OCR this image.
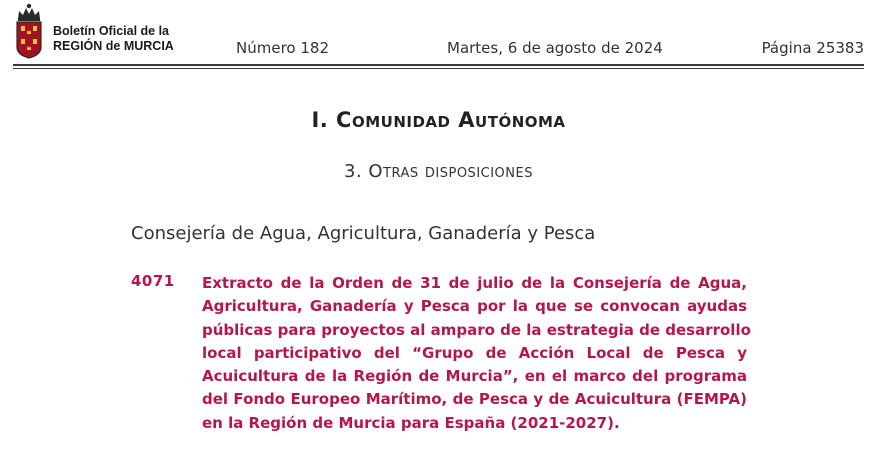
Boletín Oficial de la
REGIÓN de MURCIA	Número 182	Martes, 6 de agosto de 2024	Página 25383
I. Comunidad Autónoma
3. Otras disposiciones
Consejería de Agua, Agricultura, Ganadería y Pesca
4071 Extracto de la Orden de 31 de julio de la Consejería de Agua,
Agricultura, Ganadería y Pesca por la que se convocan ayudas
públicas para proyectos al amparo de la estrategia de desarrollo
local participativo del “Grupo de Acción Local de Pesca y
Acuicultura de la Región de Murcia”, en el marco del programa
del Fondo Europeo Marítimo, de Pesca y de Acuicultura (FEMPA)
en la Región de Murcia para España (2021-2027).
